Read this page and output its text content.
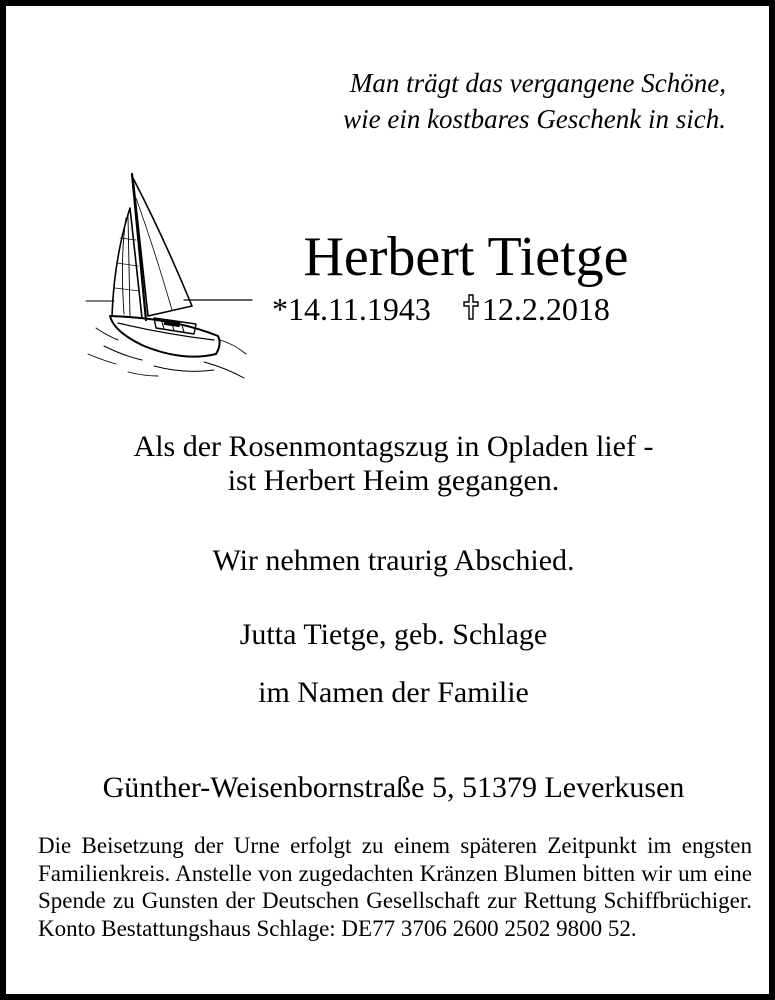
Man trägt das vergangene Schöne,
wie ein kostbares Geschenk in sich.
Herbert Tietge
*14.11.1943 12.2.2018
Als der Rosenmontagszug in Opladen lief -
ist Herbert Heim gegangen.
Wir nehmen traurig Abschied.
Jutta Tietge, geb. Schlage
im Namen der Familie
Günther-Weisenbornstraße 5, 51379 Leverkusen

Die Beisetzung der Urne erfolgt zu einem späteren Zeitpunkt im engsten Familienkreis. Anstelle von zugedachten Kränzen Blumen bitten wir um eine Spende zu Gunsten der Deutschen Gesellschaft zur Rettung Schiffbrüchiger. Konto Bestattungshaus Schlage: DE77 3706 2600 2502 9800 52.
